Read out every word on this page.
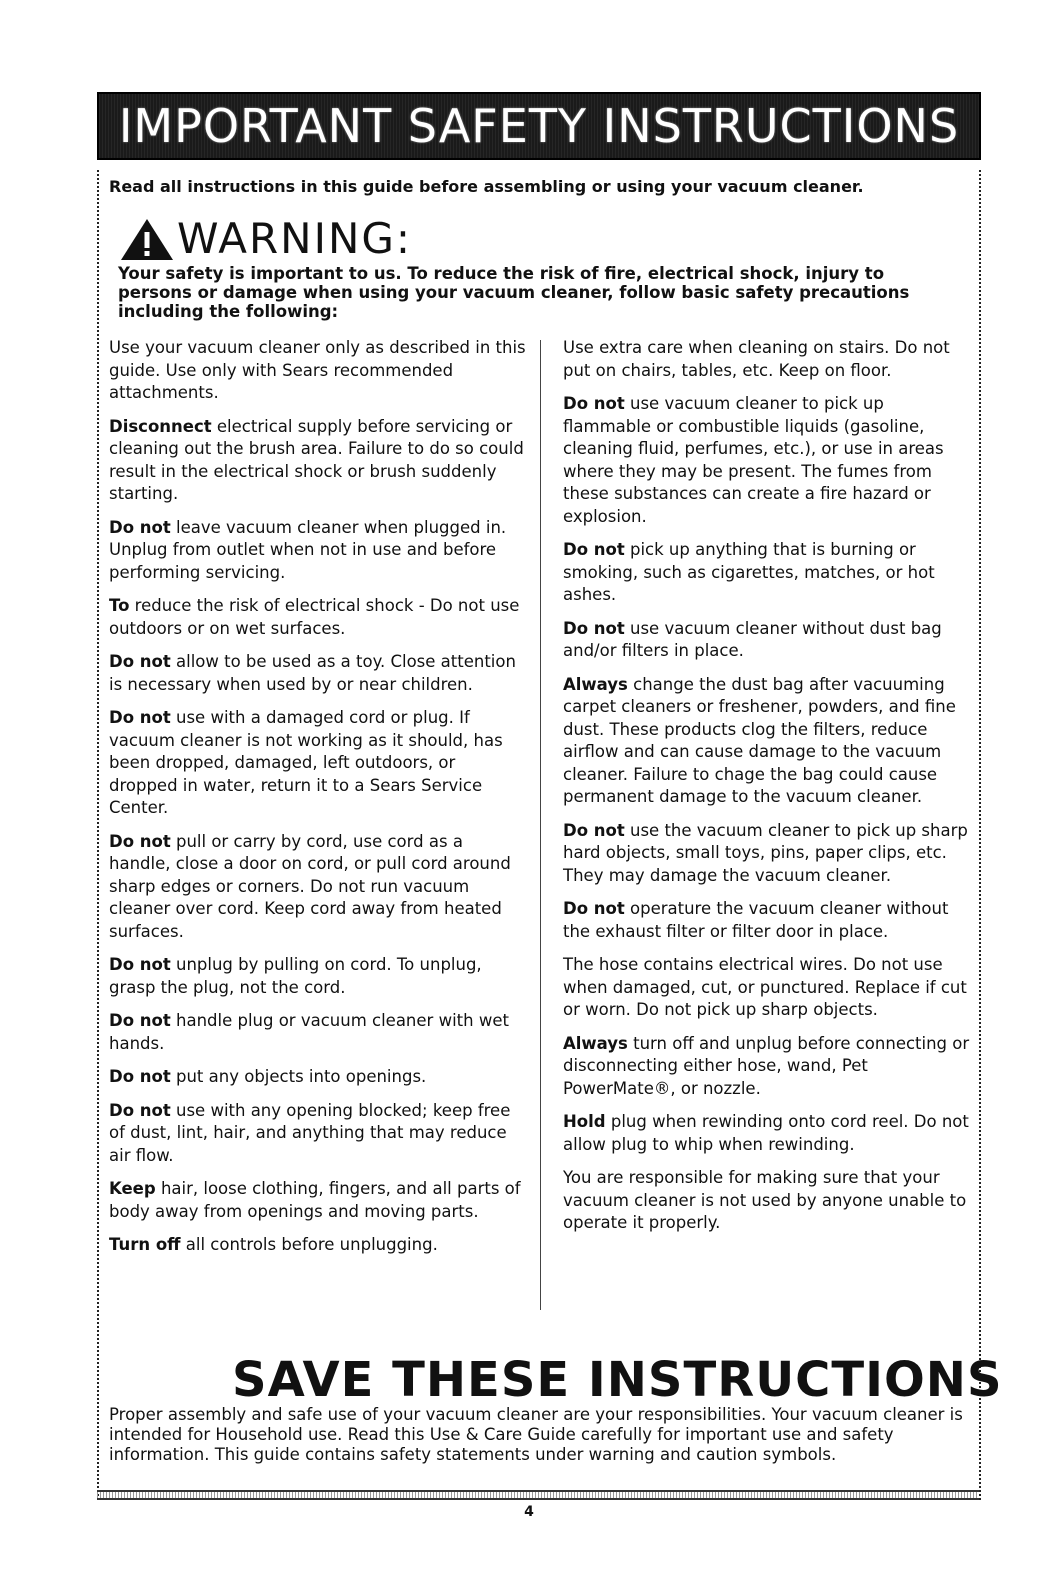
IMPORTANT SAFETY INSTRUCTIONS
Read all instructions in this guide before assembling or using your vacuum cleaner.
WARNING:
Your safety is important to us. To reduce the risk of fire, electrical shock, injury to persons or damage when using your vacuum cleaner, follow basic safety precautions including the following:

Use your vacuum cleaner only as described in this guide. Use only with Sears recommended attachments.

Disconnect electrical supply before servicing or cleaning out the brush area. Failure to do so could result in the electrical shock or brush suddenly starting.

Do not leave vacuum cleaner when plugged in. Unplug from outlet when not in use and before performing servicing.

To reduce the risk of electrical shock - Do not use outdoors or on wet surfaces.

Do not allow to be used as a toy. Close attention is necessary when used by or near children.

Do not use with a damaged cord or plug. If vacuum cleaner is not working as it should, has been dropped, damaged, left outdoors, or dropped in water, return it to a Sears Service Center.

Do not pull or carry by cord, use cord as a handle, close a door on cord, or pull cord around sharp edges or corners. Do not run vacuum cleaner over cord. Keep cord away from heated surfaces.

Do not unplug by pulling on cord. To unplug, grasp the plug, not the cord.

Do not handle plug or vacuum cleaner with wet hands.

Do not put any objects into openings.

Do not use with any opening blocked; keep free of dust, lint, hair, and anything that may reduce air flow.

Keep hair, loose clothing, fingers, and all parts of body away from openings and moving parts.

Turn off all controls before unplugging.

Use extra care when cleaning on stairs. Do not put on chairs, tables, etc. Keep on floor.

Do not use vacuum cleaner to pick up flammable or combustible liquids (gasoline, cleaning fluid, perfumes, etc.), or use in areas where they may be present. The fumes from these substances can create a fire hazard or explosion.

Do not pick up anything that is burning or smoking, such as cigarettes, matches, or hot ashes.

Do not use vacuum cleaner without dust bag and/or filters in place.

Always change the dust bag after vacuuming carpet cleaners or freshener, powders, and fine dust. These products clog the filters, reduce airflow and can cause damage to the vacuum cleaner. Failure to chage the bag could cause permanent damage to the vacuum cleaner.

Do not use the vacuum cleaner to pick up sharp hard objects, small toys, pins, paper clips, etc. They may damage the vacuum cleaner.

Do not operature the vacuum cleaner without the exhaust filter or filter door in place.

The hose contains electrical wires. Do not use when damaged, cut, or punctured. Replace if cut or worn. Do not pick up sharp objects.

Always turn off and unplug before connecting or disconnecting either hose, wand, Pet PowerMate®, or nozzle.

Hold plug when rewinding onto cord reel. Do not allow plug to whip when rewinding.

You are responsible for making sure that your vacuum cleaner is not used by anyone unable to operate it properly.

SAVE THESE INSTRUCTIONS
Proper assembly and safe use of your vacuum cleaner are your responsibilities. Your vacuum cleaner is intended for Household use. Read this Use & Care Guide carefully for important use and safety information. This guide contains safety statements under warning and caution symbols.
4
